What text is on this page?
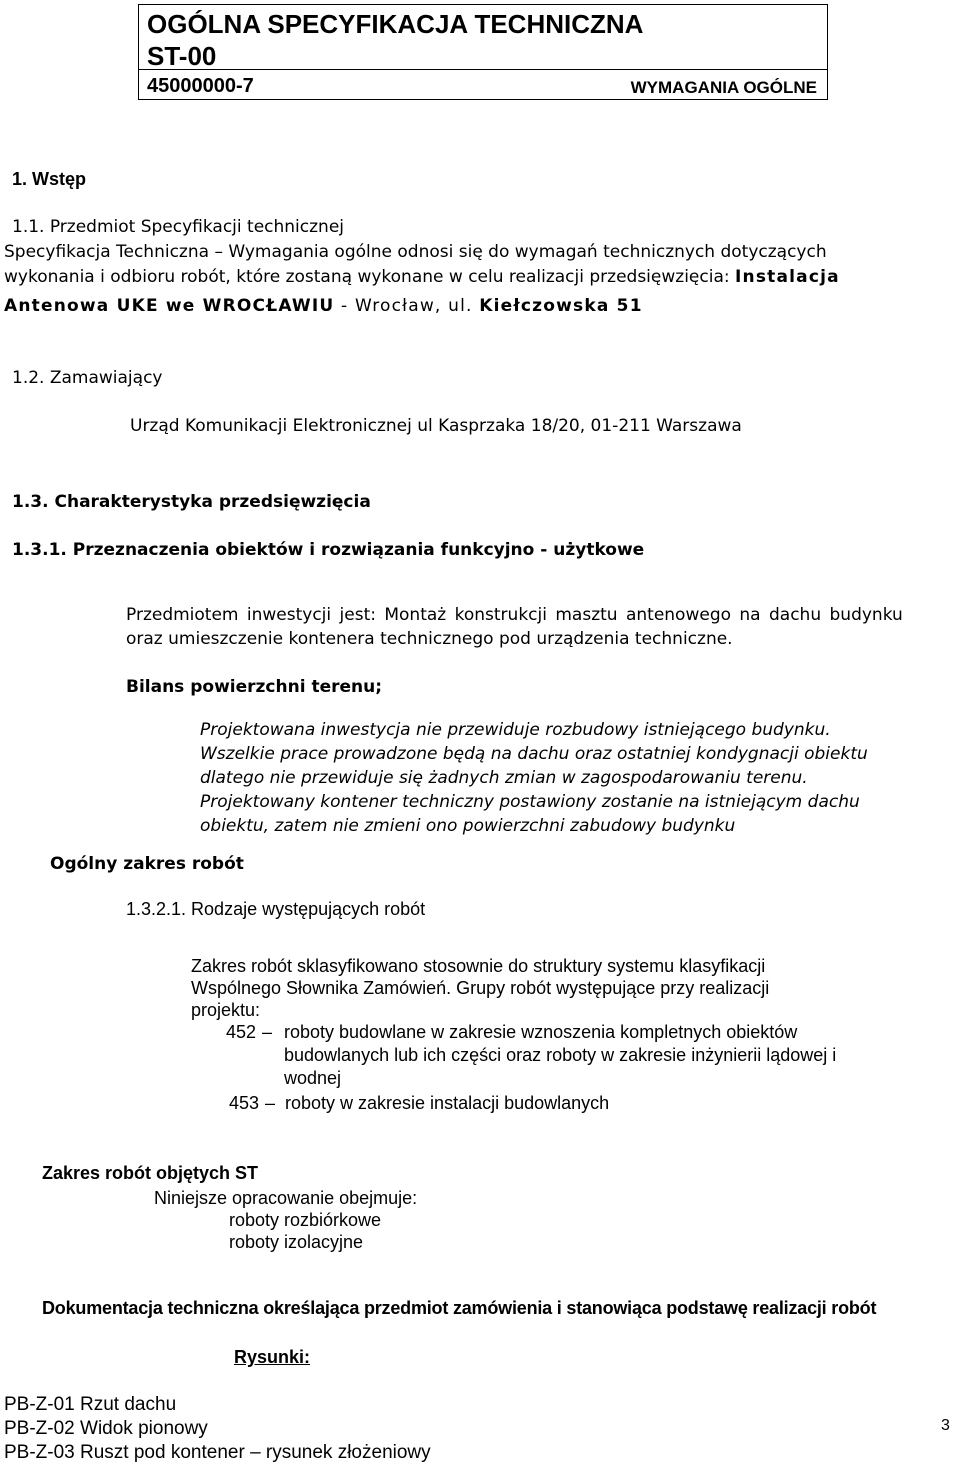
OGÓLNA SPECYFIKACJA TECHNICZNA
ST-00
45000000-7	WYMAGANIA OGÓLNE
1. Wstęp
1.1. Przedmiot Specyfikacji technicznej
Specyfikacja Techniczna – Wymagania ogólne odnosi się do wymagań technicznych dotyczących
wykonania i odbioru robót, które zostaną wykonane w celu realizacji przedsięwzięcia: Instalacja
Antenowa UKE we WROCŁAWIU - Wrocław, ul. Kiełczowska 51
1.2. Zamawiający
Urząd Komunikacji Elektronicznej ul Kasprzaka 18/20, 01-211 Warszawa
1.3. Charakterystyka przedsięwzięcia
1.3.1. Przeznaczenia obiektów i rozwiązania funkcyjno - użytkowe
Przedmiotem inwestycji jest: Montaż konstrukcji masztu antenowego na dachu budynku
oraz umieszczenie kontenera technicznego pod urządzenia techniczne.
Bilans powierzchni terenu;
Projektowana inwestycja nie przewiduje rozbudowy istniejącego budynku.
Wszelkie prace prowadzone będą na dachu oraz ostatniej kondygnacji obiektu
dlatego nie przewiduje się żadnych zmian w zagospodarowaniu terenu.
Projektowany kontener techniczny postawiony zostanie na istniejącym dachu
obiektu, zatem nie zmieni ono powierzchni zabudowy budynku
Ogólny zakres robót
1.3.2.1. Rodzaje występujących robót
Zakres robót sklasyfikowano stosownie do struktury systemu klasyfikacji
Wspólnego Słownika Zamówień. Grupy robót występujące przy realizacji
projektu:
452 roboty budowlane w zakresie wznoszenia kompletnych obiektów
–
budowlanych lub ich części oraz roboty w zakresie inżynierii lądowej i
wodnej
453 – roboty w zakresie instalacji budowlanych
Zakres robót objętych ST
Niniejsze opracowanie obejmuje:
roboty rozbiórkowe
roboty izolacyjne
Dokumentacja techniczna określająca przedmiot zamówienia i stanowiąca podstawę realizacji robót
Rysunki:
PB-Z-01 Rzut dachu
PB-Z-02 Widok pionowy
PB-Z-03 Ruszt pod kontener – rysunek złożeniowy
3
